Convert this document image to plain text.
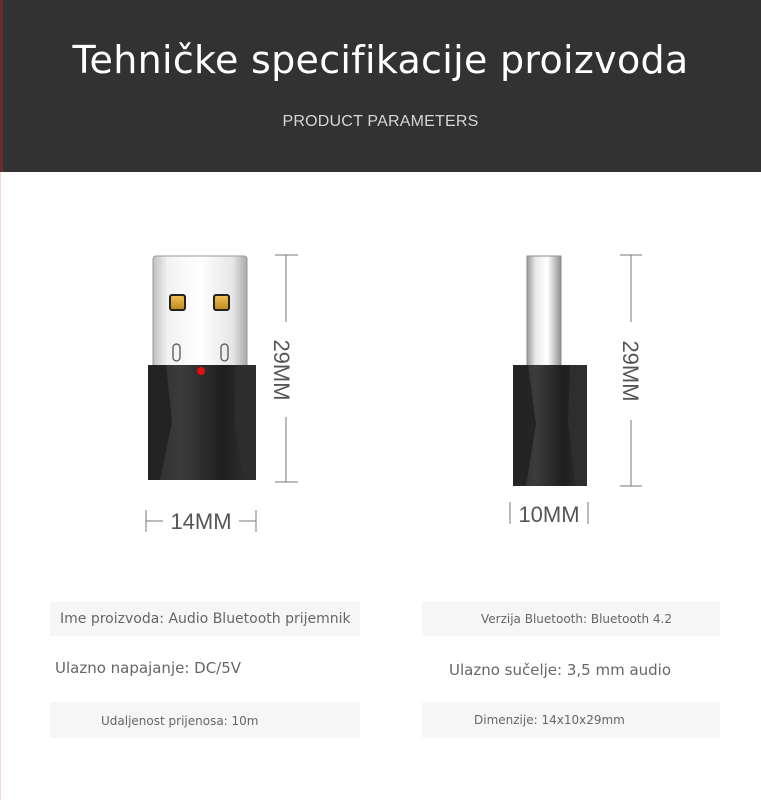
Tehničke specifikacije proizvoda
PRODUCT PARAMETERS
29MM
14MM
29MM
10MM
Ime proizvoda: Audio Bluetooth prijemnik	Verzija Bluetooth: Bluetooth 4.2
Ulazno napajanje: DC/5V	Ulazno sučelje: 3,5 mm audio
Udaljenost prijenosa: 10m	Dimenzije: 14x10x29mm
